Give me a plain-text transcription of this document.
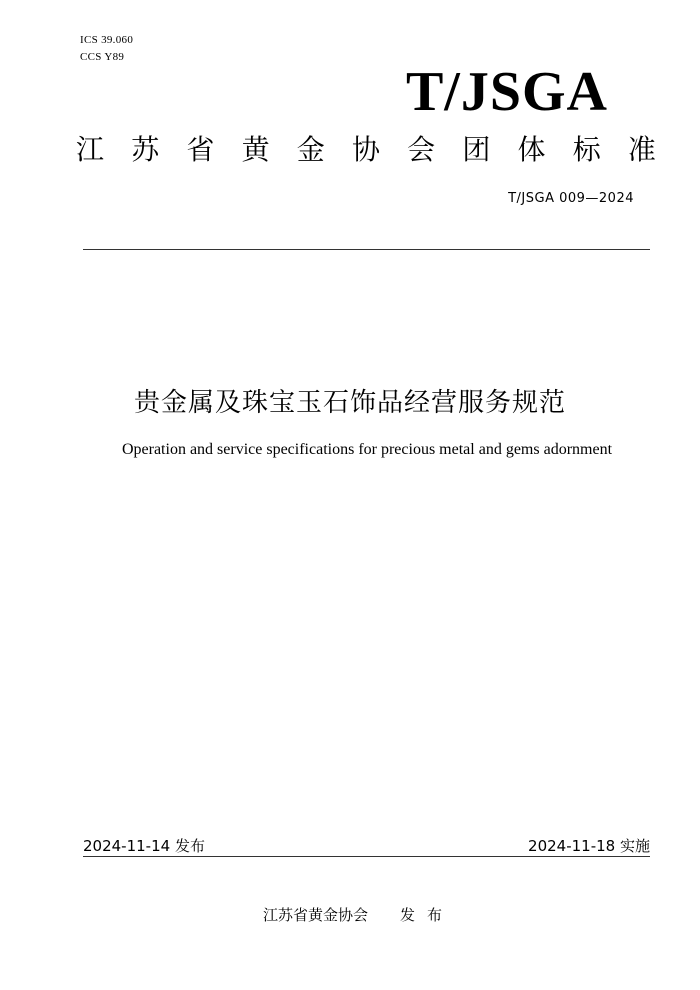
ICS 39.060
CCS Y89
T/JSGA
江 苏 省 黄 金 协 会 团 体 标 准
T/JSGA 009—2024
贵金属及珠宝玉石饰品经营服务规范
Operation and service specifications for precious metal and gems adornment
2024-11-14 发布	2024-11-18 实施
江苏省黄金协会 发布
